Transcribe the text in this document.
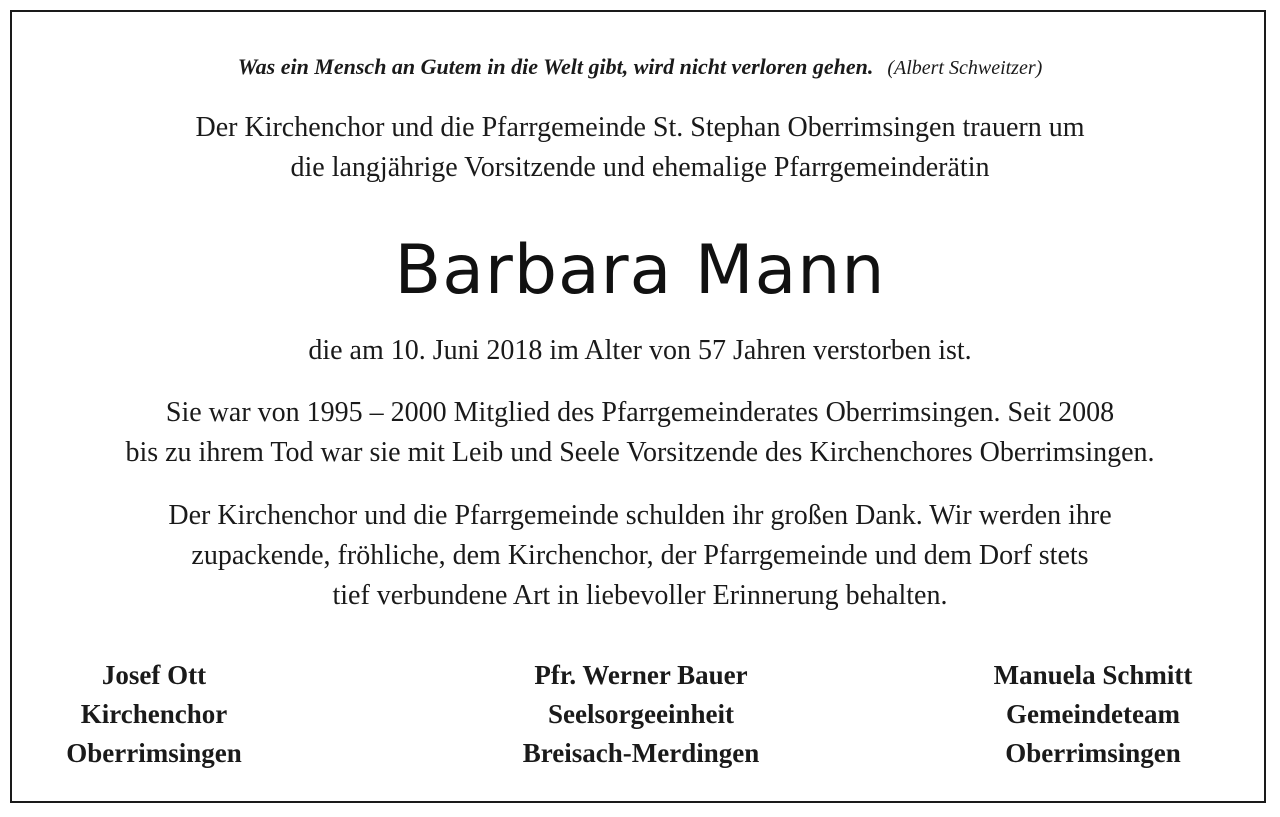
Was ein Mensch an Gutem in die Welt gibt, wird nicht verloren gehen. (Albert Schweitzer)
Der Kirchenchor und die Pfarrgemeinde St. Stephan Oberrimsingen trauern um
die langjährige Vorsitzende und ehemalige Pfarrgemeinderätin
Barbara Mann
die am 10. Juni 2018 im Alter von 57 Jahren verstorben ist.
Sie war von 1995 – 2000 Mitglied des Pfarrgemeinderates Oberrimsingen. Seit 2008
bis zu ihrem Tod war sie mit Leib und Seele Vorsitzende des Kirchenchores Oberrimsingen.
Der Kirchenchor und die Pfarrgemeinde schulden ihr großen Dank. Wir werden ihre
zupackende, fröhliche, dem Kirchenchor, der Pfarrgemeinde und dem Dorf stets
tief verbundene Art in liebevoller Erinnerung behalten.
Josef Ott
Kirchenchor
Oberrimsingen
Pfr. Werner Bauer
Seelsorgeeinheit
Breisach-Merdingen
Manuela Schmitt
Gemeindeteam
Oberrimsingen
